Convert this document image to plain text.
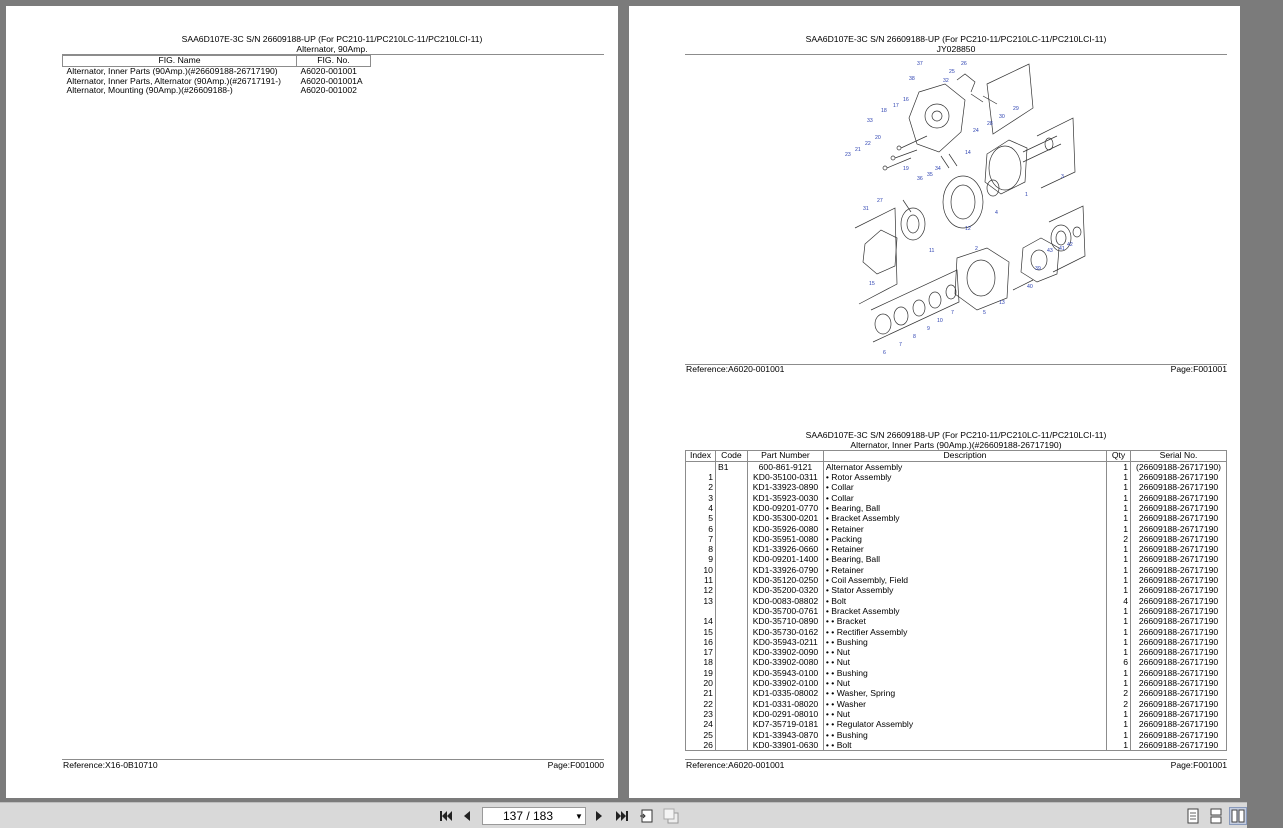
SAA6D107E-3C S/N 26609188-UP (For PC210-11/PC210LC-11/PC210LCI-11)
Alternator, 90Amp.
FIG. Name	FIG. No.
Alternator, Inner Parts (90Amp.)(#26609188-26717190)	A6020-001001
Alternator, Inner Parts, Alternator (90Amp.)(#26717191-)	A6020-001001A
Alternator, Mounting (90Amp.)(#26609188-)	A6020-001002
Reference:X16-0B10710	Page:F001000
SAA6D107E-3C S/N 26609188-UP (For PC210-11/PC210LC-11/PC210LCI-11)
JY028850
37
38	32
26
25
29
30
28
24
16
17
18
33
20
22
21
23
19
36
35
34
14
1
3
4
12
27
31
11	2
39
40
43 41
42
15
6
7
8
9
10
7	5
13
Reference:A6020-001001	Page:F001001
SAA6D107E-3C S/N 26609188-UP (For PC210-11/PC210LC-11/PC210LCI-11)
Alternator, Inner Parts (90Amp.)(#26609188-26717190)
Index	Code	Part Number	Description	Qty	Serial No.
	B1	600-861-9121	Alternator Assembly	1	(26609188-26717190)
1		KD0-35100-0311	• Rotor Assembly	1	26609188-26717190
2		KD1-33923-0890	• Collar	1	26609188-26717190
3		KD1-35923-0030	• Collar	1	26609188-26717190
4		KD0-09201-0770	• Bearing, Ball	1	26609188-26717190
5		KD0-35300-0201	• Bracket Assembly	1	26609188-26717190
6		KD0-35926-0080	• Retainer	1	26609188-26717190
7		KD0-35951-0080	• Packing	2	26609188-26717190
8		KD1-33926-0660	• Retainer	1	26609188-26717190
9		KD0-09201-1400	• Bearing, Ball	1	26609188-26717190
10		KD1-33926-0790	• Retainer	1	26609188-26717190
11		KD0-35120-0250	• Coil Assembly, Field	1	26609188-26717190
12		KD0-35200-0320	• Stator Assembly	1	26609188-26717190
13		KD0-0083-08802	• Bolt	4	26609188-26717190
		KD0-35700-0761	• Bracket Assembly	1	26609188-26717190
14		KD0-35710-0890	• • Bracket	1	26609188-26717190
15		KD0-35730-0162	• • Rectifier Assembly	1	26609188-26717190
16		KD0-35943-0211	• • Bushing	1	26609188-26717190
17		KD0-33902-0090	• • Nut	1	26609188-26717190
18		KD0-33902-0080	• • Nut	6	26609188-26717190
19		KD0-35943-0100	• • Bushing	1	26609188-26717190
20		KD0-33902-0100	• • Nut	1	26609188-26717190
21		KD1-0335-08002	• • Washer, Spring	2	26609188-26717190
22		KD1-0331-08020	• • Washer	2	26609188-26717190
23		KD0-0291-08010	• • Nut	1	26609188-26717190
24		KD7-35719-0181	• • Regulator Assembly	1	26609188-26717190
25		KD1-33943-0870	• • Bushing	1	26609188-26717190
26		KD0-33901-0630	• • Bolt	1	26609188-26717190
Reference:A6020-001001	Page:F001001
137 / 183	▼
